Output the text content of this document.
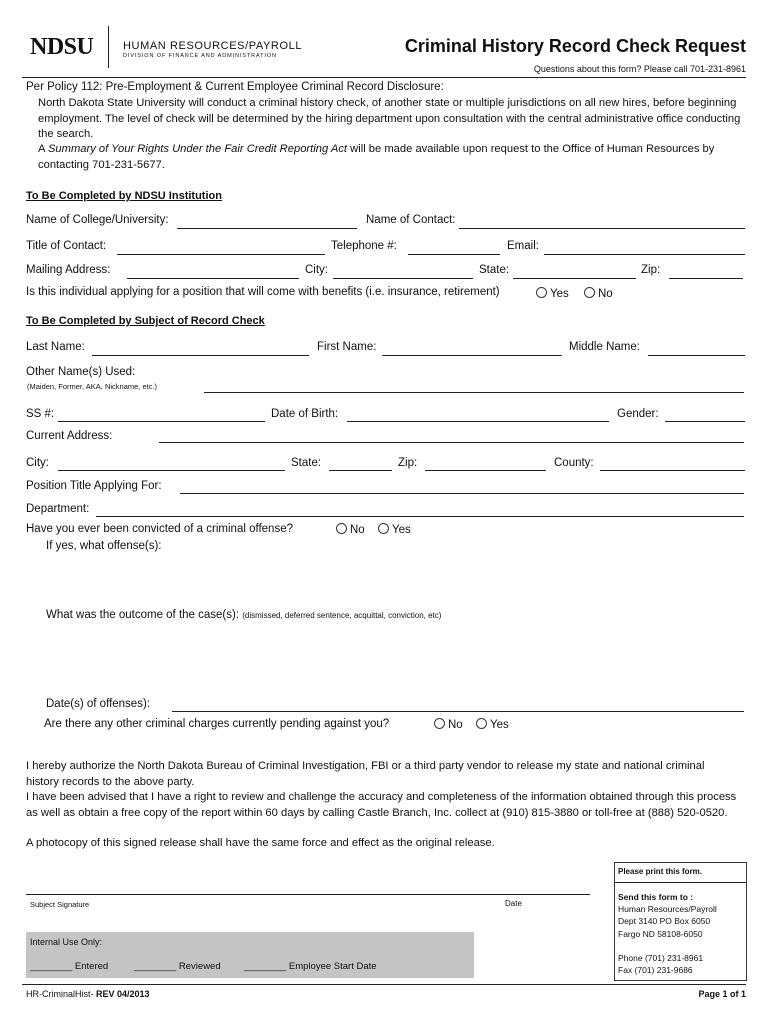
NDSU	HUMAN RESOURCES/PAYROLL
DIVISION OF FINANCE AND ADMINISTRATION	Criminal History Record Check Request
Questions about this form? Please call 701-231-8961
Per Policy 112: Pre-Employment & Current Employee Criminal Record Disclosure:
North Dakota State University will conduct a criminal history check, of another state or multiple jurisdictions on all new hires, before beginning employment. The level of check will be determined by the hiring department upon consultation with the central administrative office conducting the search.
A Summary of Your Rights Under the Fair Credit Reporting Act will be made available upon request to the Office of Human Resources by contacting 701-231-5677.
To Be Completed by NDSU Institution
Name of College/University:	Name of Contact:
Title of Contact:	Telephone #:	Email:
Mailing Address:	City:	State:	Zip:
Is this individual applying for a position that will come with benefits (i.e. insurance, retirement)	Yes	No
To Be Completed by Subject of Record Check
Last Name:	First Name:	Middle Name:
Other Name(s) Used:
(Maiden, Former, AKA, Nickname, etc.)
SS #:	Date of Birth:	Gender:
Current Address:
City:	State:	Zip:	County:
Position Title Applying For:
Department:
Have you ever been convicted of a criminal offense?	No	Yes
If yes, what offense(s):
What was the outcome of the case(s): (dismissed, deferred sentence, acquittal, conviction, etc)
Date(s) of offenses):
Are there any other criminal charges currently pending against you?	No	Yes
I hereby authorize the North Dakota Bureau of Criminal Investigation, FBI or a third party vendor to release my state and national criminal history records to the above party.
I have been advised that I have a right to review and challenge the accuracy and completeness of the information obtained through this process as well as obtain a free copy of the report within 60 days by calling Castle Branch, Inc. collect at (910) 815-3880 or toll-free at (888) 520-0520.
A photocopy of this signed release shall have the same force and effect as the original release.
Subject Signature	Date
Internal Use Only:
________ Entered	________ Reviewed ________ Employee Start Date
Please print this form.
Send this form to :
Human Resources/Payroll
Dept 3140 PO Box 6050
Fargo ND 58108-6050
Phone (701) 231-8961
Fax (701) 231-9686
HR-CriminalHist- REV 04/2013	Page 1 of 1
